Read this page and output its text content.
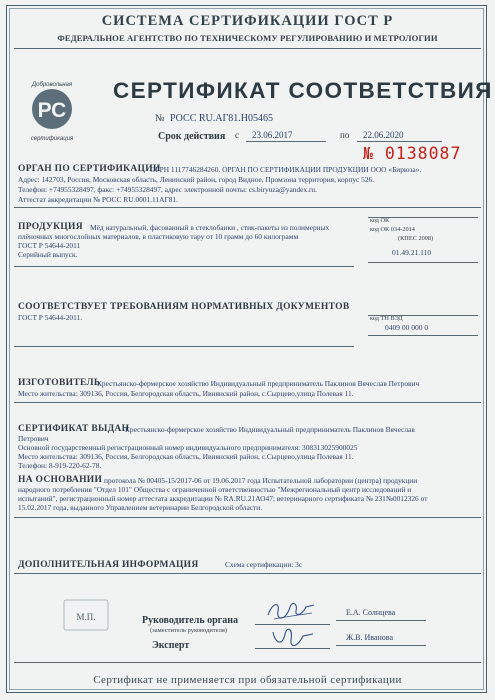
СИСТЕМА СЕРТИФИКАЦИИ ГОСТ Р
ФЕДЕРАЛЬНОЕ АГЕНТСТВО ПО ТЕХНИЧЕСКОМУ РЕГУЛИРОВАНИЮ И МЕТРОЛОГИИ
Добровольная
РС
сертификация
СЕРТИФИКАТ СООТВЕТСТВИЯ
№ РОСС RU.АГ81.Н05465
Срок действия с 23.06.2017	по 22.06.2020
№ 0138087
ОРГАН ПО СЕРТИФИКАЦИИ
ОГРН 1117746284260. ОРГАН ПО СЕРТИФИКАЦИИ ПРОДУКЦИИ ООО «Бирюза».
Адрес: 142703, Россия, Московская область, Ленинский район, город Видное, Промзона территория, корпус 526.
Телефон: +74955328497, факс: +74955328497, адрес электронной почты: cs.biryuza@yandex.ru.
Аттестат аккредитации № РОСС RU.0001.11АГ81.
ПРОДУКЦИЯ Мёд натуральный, фасованный в стеклобанки , стик-пакеты из полимерных
плёночных многослойных материалов, в пластиковую тару от 10 грамм до 60 килограмм
ГОСТ Р 54644-2011
Серийный выпуск.
код ОК
код ОК 034-2014
(КПЕС 2008)
01.49.21.110
СООТВЕТСТВУЕТ ТРЕБОВАНИЯМ НОРМАТИВНЫХ ДОКУМЕНТОВ
ГОСТ Р 54644-2011.	код ТН ВЭД
0409 00 000 0
ИЗГОТОВИТЕЛЬ
Крестьянско-фермерское хозяйство Индивидуальный предприниматель Паклинов Вячеслав Петрович
Место жительства: 309136, Россия, Белгородская область, Ивнянский район, с.Сырцево,улица Полевая 11.
СЕРТИФИКАТ ВЫДАН
Крестьянско-фермерское хозяйство Индивидуальный предприниматель Паклинов Вячеслав
Петрович
Основной государственный регистрационный номер индивидуального предпринимателя: 308313025900025
Место жительства: 309136, Россия, Белгородская область, Ивнянский район, с.Сырцево,улица Полевая 11.
Телефон: 8-919-220-62-78.
НА ОСНОВАНИИ протокола № 00405-15/2017-06 от 19.06.2017 года Испытательной лаборатории (центра) продукции
народного потребления "Отдел 101" Общества с ограниченной ответственностью "Межрегиональный центр исследований и
испытаний", регистрационный номер аттестата аккредитации № RA.RU.21АО47; ветеринарного сертификата № 231№0012326 от
15.02.2017 года, выданного Управлением ветеринарии Белгородской области.
ДОПОЛНИТЕЛЬНАЯ ИНФОРМАЦИЯ	Схема сертификации: 3с
М.П.	Руководитель органа
(заместитель руководителя)
Е.А. Солнцева
Эксперт
Ж.В. Иванова
Сертификат не применяется при обязательной сертификации
